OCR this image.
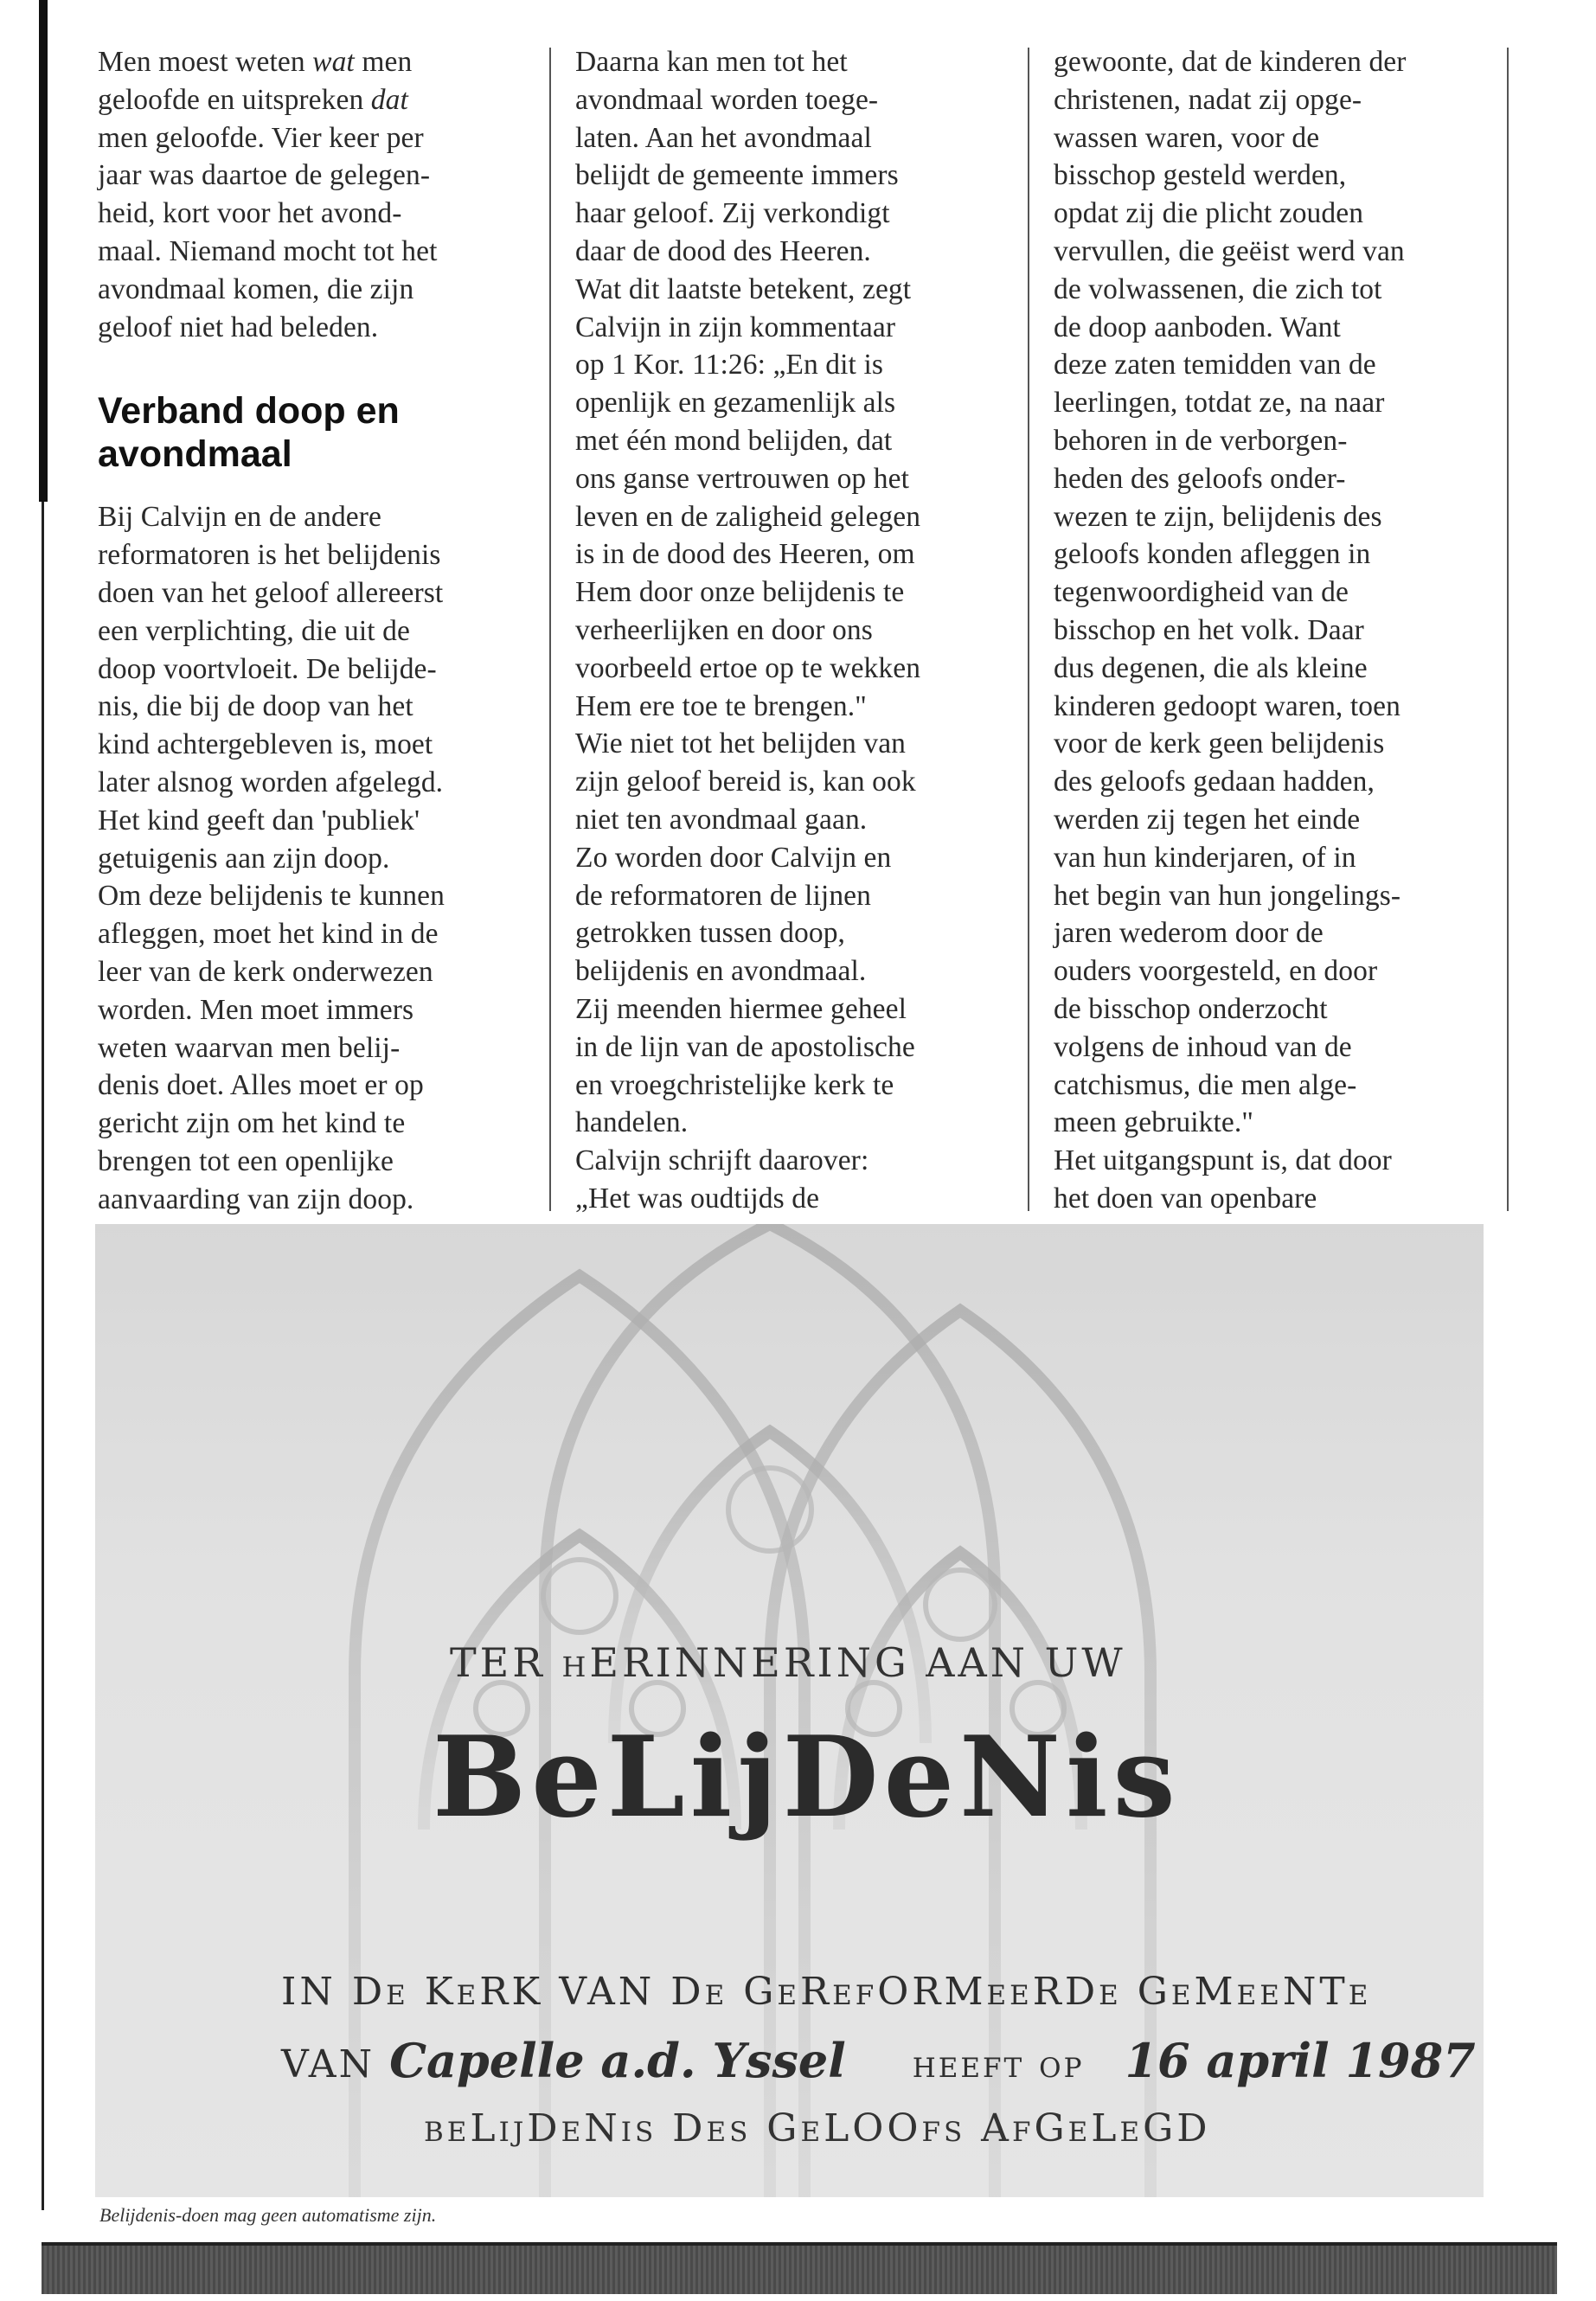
Men moest weten wat men

geloofde en uitspreken dat

men geloofde. Vier keer per

jaar was daartoe de gelegen-

heid, kort voor het avond-

maal. Niemand mocht tot het

avondmaal komen, die zijn

geloof niet had beleden.

Verband doop en avondmaal

Bij Calvijn en de andere

reformatoren is het belijdenis

doen van het geloof allereerst

een verplichting, die uit de

doop voortvloeit. De belijde-

nis, die bij de doop van het

kind achtergebleven is, moet

later alsnog worden afgelegd.

Het kind geeft dan 'publiek'

getuigenis aan zijn doop.

Om deze belijdenis te kunnen

afleggen, moet het kind in de

leer van de kerk onderwezen

worden. Men moet immers

weten waarvan men belij-

denis doet. Alles moet er op

gericht zijn om het kind te

brengen tot een openlijke

aanvaarding van zijn doop.

Daarna kan men tot het

avondmaal worden toege-

laten. Aan het avondmaal

belijdt de gemeente immers

haar geloof. Zij verkondigt

daar de dood des Heeren.

Wat dit laatste betekent, zegt

Calvijn in zijn kommentaar

op 1 Kor. 11:26: „En dit is

openlijk en gezamenlijk als

met één mond belijden, dat

ons ganse vertrouwen op het

leven en de zaligheid gelegen

is in de dood des Heeren, om

Hem door onze belijdenis te

verheerlijken en door ons

voorbeeld ertoe op te wekken

Hem ere toe te brengen."

Wie niet tot het belijden van

zijn geloof bereid is, kan ook

niet ten avondmaal gaan.

Zo worden door Calvijn en

de reformatoren de lijnen

getrokken tussen doop,

belijdenis en avondmaal.

Zij meenden hiermee geheel

in de lijn van de apostolische

en vroegchristelijke kerk te

handelen.

Calvijn schrijft daarover:

„Het was oudtijds de

gewoonte, dat de kinderen der

christenen, nadat zij opge-

wassen waren, voor de

bisschop gesteld werden,

opdat zij die plicht zouden

vervullen, die geëist werd van

de volwassenen, die zich tot

de doop aanboden. Want

deze zaten temidden van de

leerlingen, totdat ze, na naar

behoren in de verborgen-

heden des geloofs onder-

wezen te zijn, belijdenis des

geloofs konden afleggen in

tegenwoordigheid van de

bisschop en het volk. Daar

dus degenen, die als kleine

kinderen gedoopt waren, toen

voor de kerk geen belijdenis

des geloofs gedaan hadden,

werden zij tegen het einde

van hun kinderjaren, of in

het begin van hun jongelings-

jaren wederom door de

ouders voorgesteld, en door

de bisschop onderzocht

volgens de inhoud van de

catchismus, die men alge-

meen gebruikte."

Het uitgangspunt is, dat door

het doen van openbare

TER hERINNERING AAN UW
BeLijDeNis
IN De KeRK VAN De GeRefORMeeRDe GeMeeNTe
VAN Capelle a.d. Yssel heeft op 16 april 1987
beLijDeNis Des GeLOOfs AfGeLeGD
Belijdenis-doen mag geen automatisme zijn.
